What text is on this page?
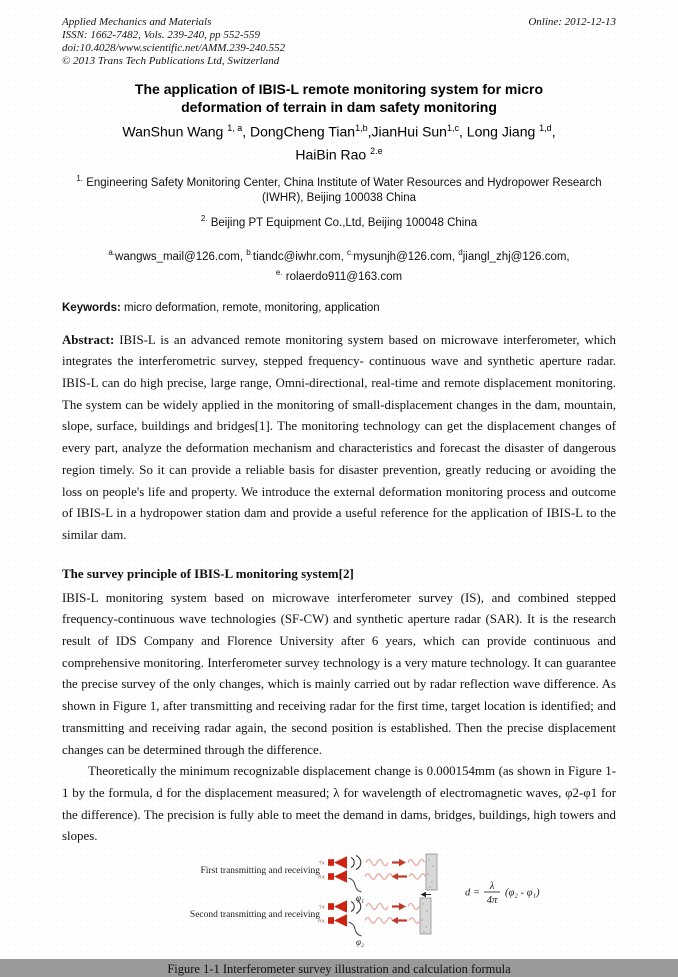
Applied Mechanics and Materials
ISSN: 1662-7482, Vols. 239-240, pp 552-559
doi:10.4028/www.scientific.net/AMM.239-240.552
© 2013 Trans Tech Publications Ltd, Switzerland
Online: 2012-12-13
The application of IBIS-L remote monitoring system for micro
deformation of terrain in dam safety monitoring
WanShun Wang $^{1, a}$, DongCheng Tian$^{1,b}$,JianHui Sun$^{1,c}$, Long Jiang $^{1,d}$,
HaiBin Rao $^{2.e}$
$^{1.}$ Engineering Safety Monitoring Center, China Institute of Water Resources and Hydropower Research (IWHR), Beijing 100038 China
$^{2.}$ Beijing PT Equipment Co.,Ltd, Beijing 100048 China
$^{a.}$wangws_mail@126.com, $^{b.}$tiandc@iwhr.com, $^{c.}$mysunjh@126.com, $^d$jiangl_zhj@126.com,
$^{e.}$ rolaerdo911@163.com
Keywords: micro deformation, remote, monitoring, application

Abstract: IBIS-L is an advanced remote monitoring system based on microwave interferometer, which integrates the interferometric survey, stepped frequency- continuous wave and synthetic aperture radar. IBIS-L can do high precise, large range, Omni-directional, real-time and remote displacement monitoring. The system can be widely applied in the monitoring of small-displacement changes in the dam, mountain, slope, surface, buildings and bridges[1]. The monitoring technology can get the displacement changes of every part, analyze the deformation mechanism and characteristics and forecast the disaster of dangerous region timely. So it can provide a reliable basis for disaster prevention, greatly reducing or avoiding the loss on people's life and property. We introduce the external deformation monitoring process and outcome of IBIS-L in a hydropower station dam and provide a useful reference for the application of IBIS-L to the similar dam.

The survey principle of IBIS-L monitoring system[2]

IBIS-L monitoring system based on microwave interferometer survey (IS), and combined stepped frequency-continuous wave technologies (SF-CW) and synthetic aperture radar (SAR). It is the research result of IDS Company and Florence University after 6 years, which can provide continuous and comprehensive monitoring. Interferometer survey technology is a very mature technology. It can guarantee the precise survey of the only changes, which is mainly carried out by radar reflection wave difference. As shown in Figure 1, after transmitting and receiving radar for the first time, target location is identified; and transmitting and receiving radar again, the second position is established. Then the precise displacement changes can be determined through the difference.

Theoretically the minimum recognizable displacement change is 0.000154mm (as shown in Figure 1-1 by the formula, d for the displacement measured; λ for wavelength of electromagnetic waves, φ2-φ1 for the difference). The precision is fully able to meet the demand in dams, bridges, buildings, high towers and slopes.

First transmitting and receiving
TX
RX
φ₁	d =
λ
4π
(φ₂ - φ₁)
Second transmitting and receiving
TX
RX
φ₂
Figure 1-1 Interferometer survey illustration and calculation formula
